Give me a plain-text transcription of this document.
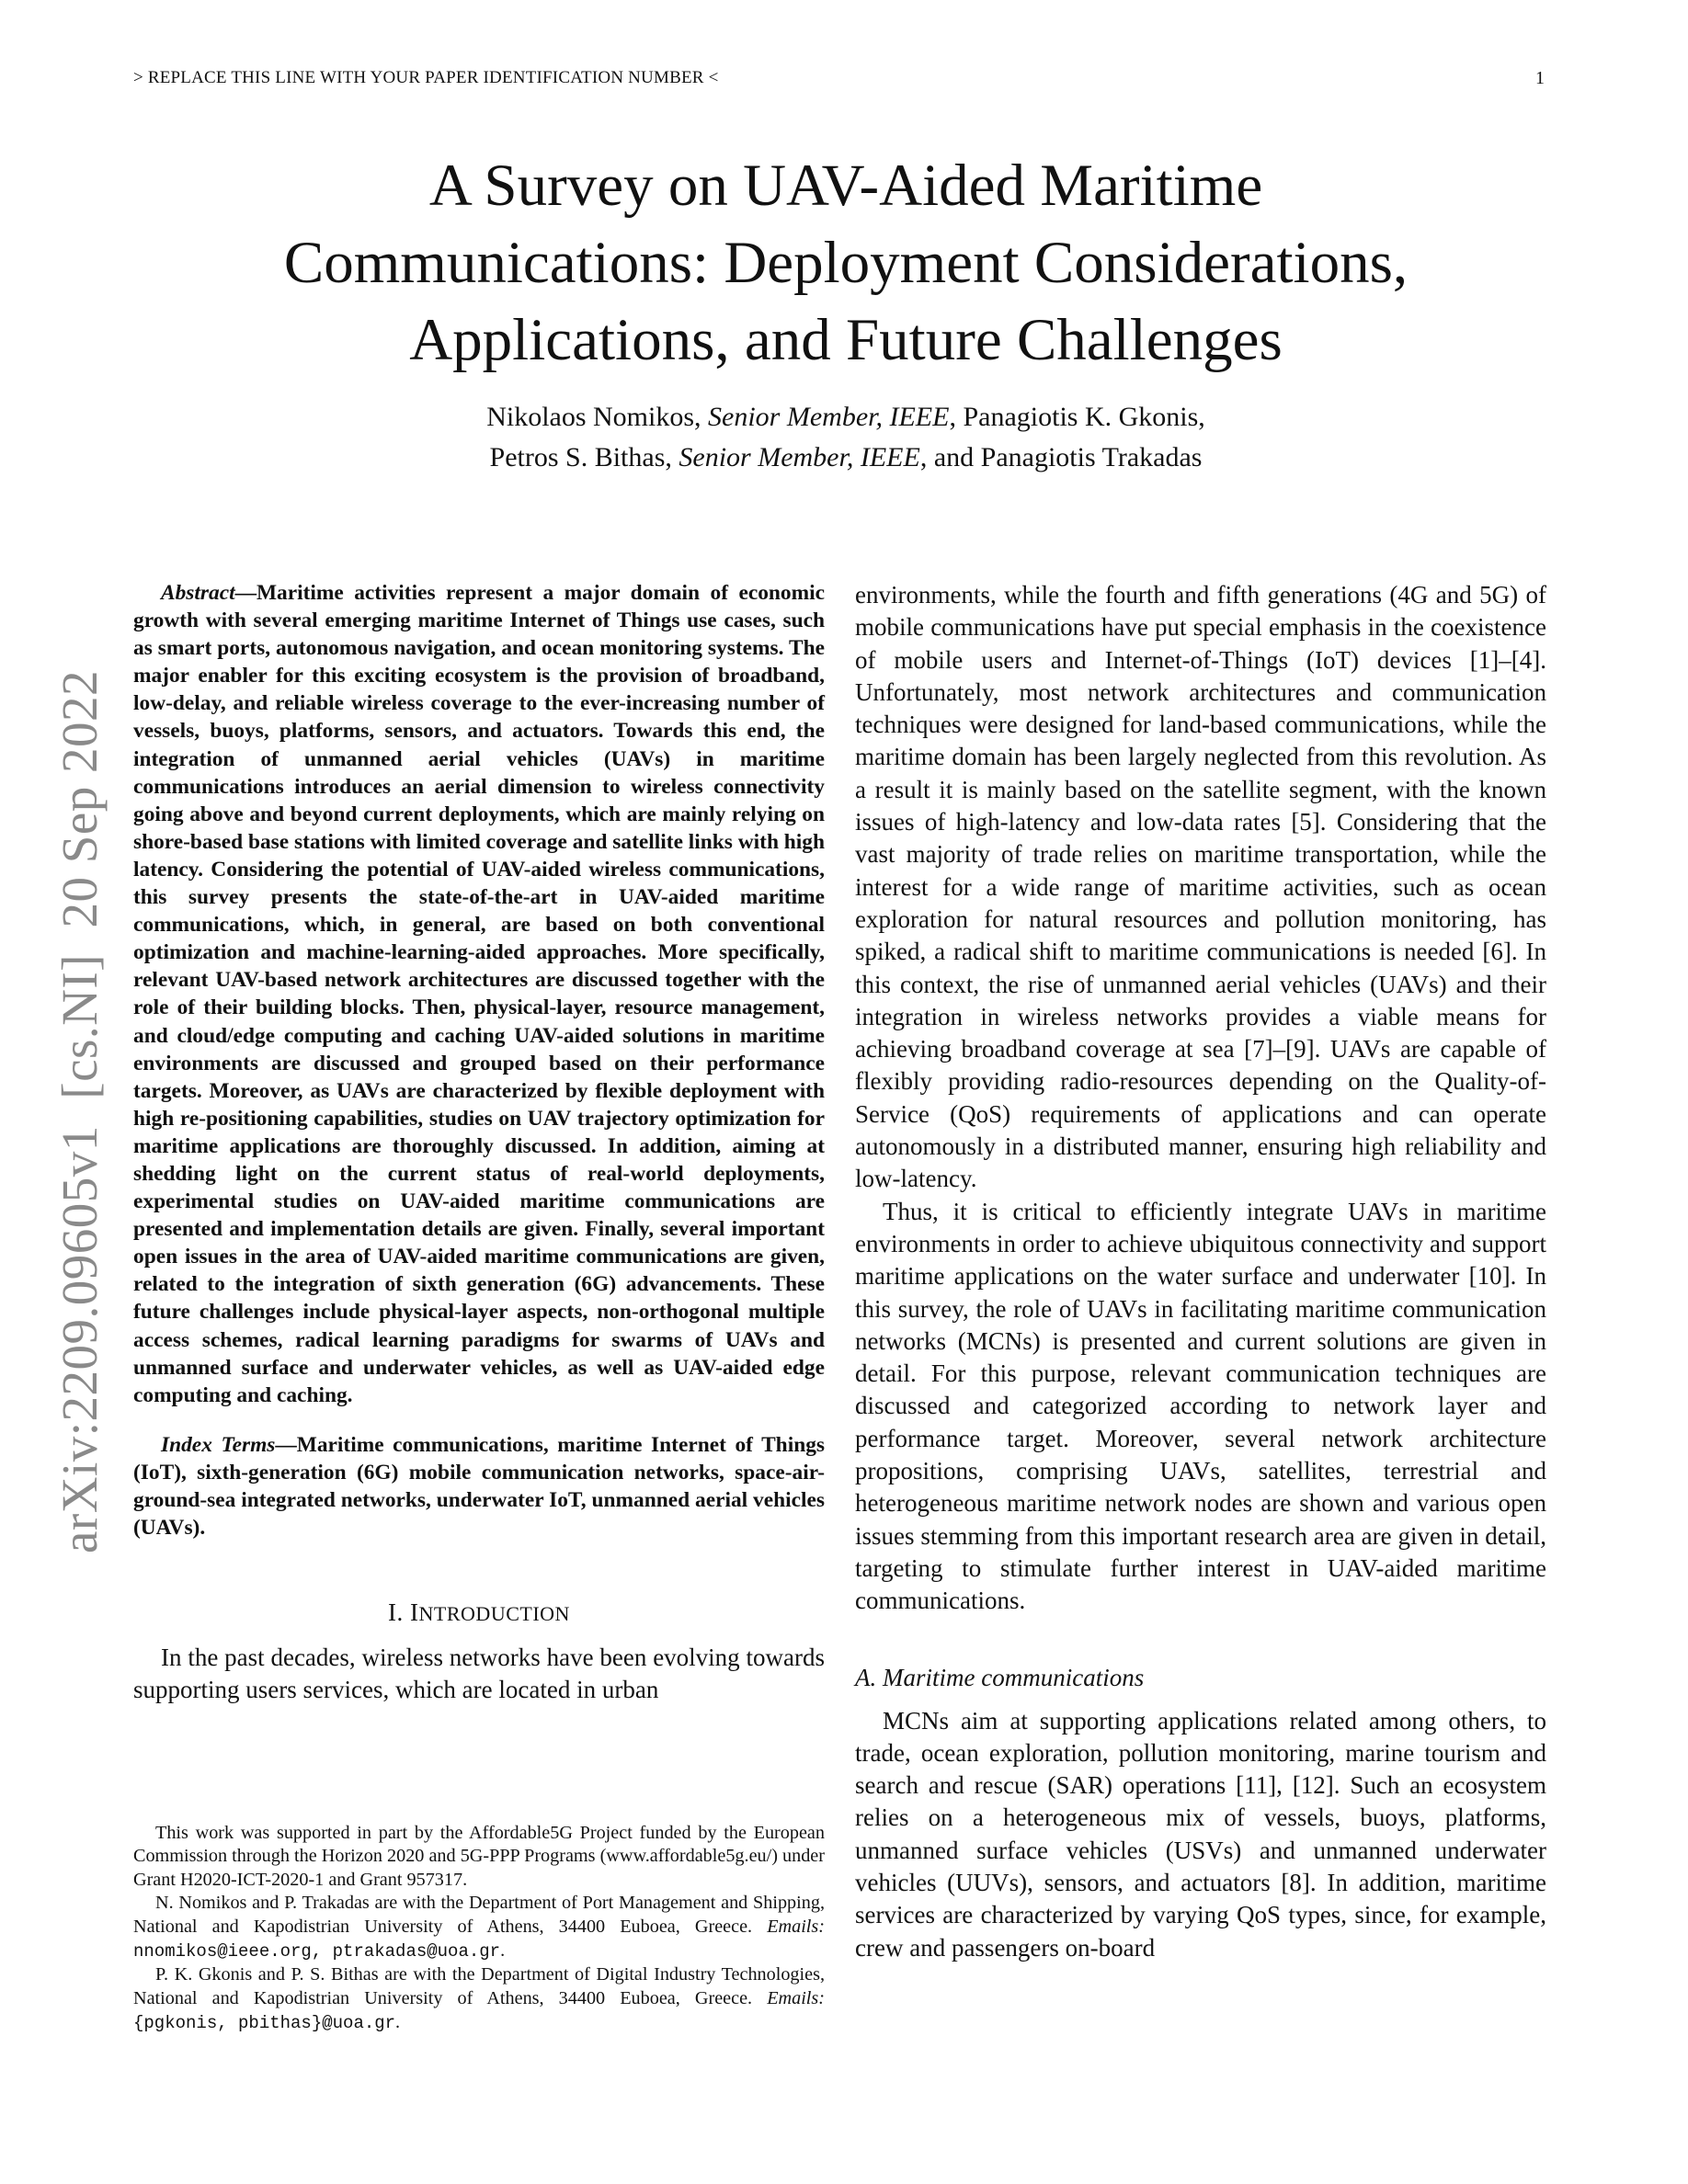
> REPLACE THIS LINE WITH YOUR PAPER IDENTIFICATION NUMBER <	1
A Survey on UAV-Aided Maritime
Communications: Deployment Considerations,
Applications, and Future Challenges
Nikolaos Nomikos, Senior Member, IEEE, Panagiotis K. Gkonis,
Petros S. Bithas, Senior Member, IEEE, and Panagiotis Trakadas
arXiv:2209.09605v1  [cs.NI]  20 Sep 2022

Abstract—Maritime activities represent a major domain of economic growth with several emerging maritime Internet of Things use cases, such as smart ports, autonomous navigation, and ocean monitoring systems. The major enabler for this exciting ecosystem is the provision of broadband, low-delay, and reliable wireless coverage to the ever-increasing number of vessels, buoys, platforms, sensors, and actuators. Towards this end, the integration of unmanned aerial vehicles (UAVs) in maritime communications introduces an aerial dimension to wireless connectivity going above and beyond current deployments, which are mainly relying on shore-based base stations with limited coverage and satellite links with high latency. Considering the potential of UAV-aided wireless communications, this survey presents the state-of-the-art in UAV-aided maritime communications, which, in general, are based on both conventional optimization and machine-learning-aided approaches. More specifically, relevant UAV-based network architectures are discussed together with the role of their building blocks. Then, physical-layer, resource management, and cloud/edge computing and caching UAV-aided solutions in maritime environments are discussed and grouped based on their performance targets. Moreover, as UAVs are characterized by flexible deployment with high re-positioning capabilities, studies on UAV trajectory optimization for maritime applications are thoroughly discussed. In addition, aiming at shedding light on the current status of real-world deployments, experimental studies on UAV-aided maritime communications are presented and implementation details are given. Finally, several important open issues in the area of UAV-aided maritime communications are given, related to the integration of sixth generation (6G) advancements. These future challenges include physical-layer aspects, non-orthogonal multiple access schemes, radical learning paradigms for swarms of UAVs and unmanned surface and underwater vehicles, as well as UAV-aided edge computing and caching.

Index Terms—Maritime communications, maritime Internet of Things (IoT), sixth-generation (6G) mobile communication networks, space-air-ground-sea integrated networks, underwater IoT, unmanned aerial vehicles (UAVs).

I. INTRODUCTION

In the past decades, wireless networks have been evolving towards supporting users services, which are located in urban

environments, while the fourth and fifth generations (4G and 5G) of mobile communications have put special emphasis in the coexistence of mobile users and Internet-of-Things (IoT) devices [1]–[4]. Unfortunately, most network architectures and communication techniques were designed for land-based communications, while the maritime domain has been largely neglected from this revolution. As a result it is mainly based on the satellite segment, with the known issues of high-latency and low-data rates [5]. Considering that the vast majority of trade relies on maritime transportation, while the interest for a wide range of maritime activities, such as ocean exploration for natural resources and pollution monitoring, has spiked, a radical shift to maritime communications is needed [6]. In this context, the rise of unmanned aerial vehicles (UAVs) and their integration in wireless networks provides a viable means for achieving broadband coverage at sea [7]–[9]. UAVs are capable of flexibly providing radio-resources depending on the Quality-of-Service (QoS) requirements of applications and can operate autonomously in a distributed manner, ensuring high reliability and low-latency.

Thus, it is critical to efficiently integrate UAVs in maritime environments in order to achieve ubiquitous connectivity and support maritime applications on the water surface and underwater [10]. In this survey, the role of UAVs in facilitating maritime communication networks (MCNs) is presented and current solutions are given in detail. For this purpose, relevant communication techniques are discussed and categorized according to network layer and performance target. Moreover, several network architecture propositions, comprising UAVs, satellites, terrestrial and heterogeneous maritime network nodes are shown and various open issues stemming from this important research area are given in detail, targeting to stimulate further interest in UAV-aided maritime communications.

A. Maritime communications

MCNs aim at supporting applications related among others, to trade, ocean exploration, pollution monitoring, marine tourism and search and rescue (SAR) operations [11], [12]. Such an ecosystem relies on a heterogeneous mix of vessels, buoys, platforms, unmanned surface vehicles (USVs) and unmanned underwater vehicles (UUVs), sensors, and actuators [8]. In addition, maritime services are characterized by varying QoS types, since, for example, crew and passengers on-board

This work was supported in part by the Affordable5G Project funded by the European Commission through the Horizon 2020 and 5G-PPP Programs (www.affordable5g.eu/) under Grant H2020-ICT-2020-1 and Grant 957317.

N. Nomikos and P. Trakadas are with the Department of Port Management and Shipping, National and Kapodistrian University of Athens, 34400 Euboea, Greece. Emails: nnomikos@ieee.org, ptrakadas@uoa.gr.

P. K. Gkonis and P. S. Bithas are with the Department of Digital Industry Technologies, National and Kapodistrian University of Athens, 34400 Euboea, Greece. Emails: {pgkonis, pbithas}@uoa.gr.
